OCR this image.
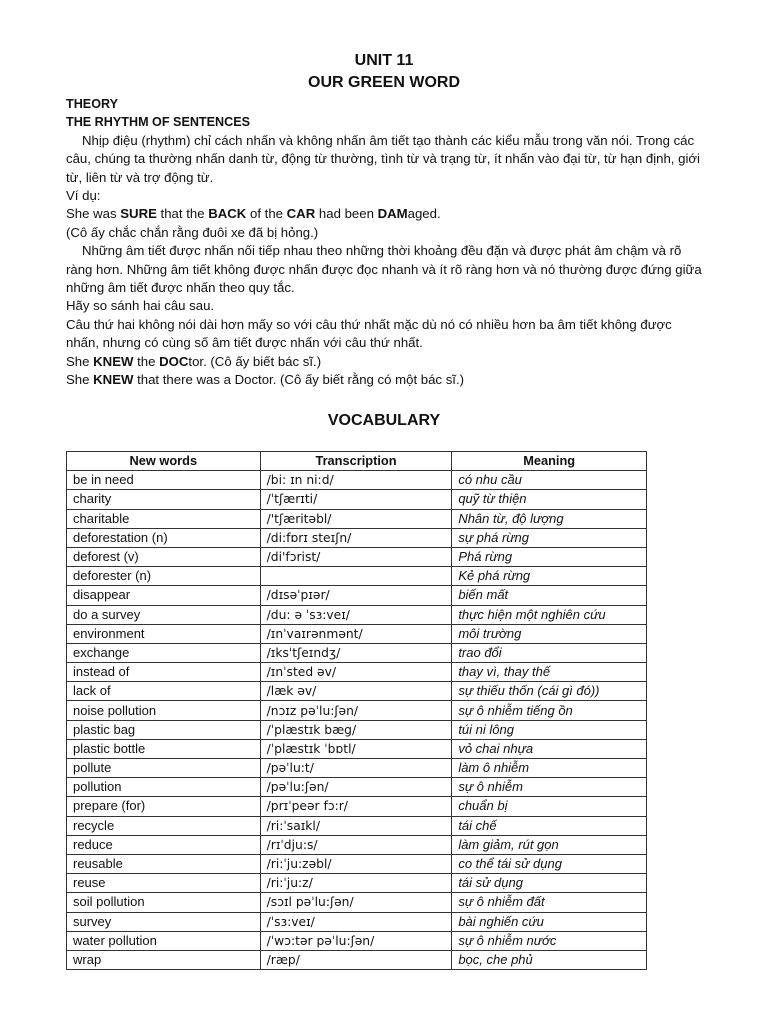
UNIT 11
OUR GREEN WORD

THEORY

THE RHYTHM OF SENTENCES

Nhịp điệu (rhythm) chỉ cách nhấn và không nhấn âm tiết tạo thành các kiểu mẫu trong văn nói. Trong các câu, chúng ta thường nhấn danh từ, động từ thường, tình từ và trạng từ, ít nhấn vào đại từ, từ hạn định, giới từ, liên từ và trợ động từ.

Ví dụ:

She was SURE that the BACK of the CAR had been DAMaged.

(Cô ấy chắc chắn rằng đuôi xe đã bị hỏng.)

Những âm tiết được nhấn nối tiếp nhau theo những thời khoảng đều đặn và được phát âm chậm và rõ ràng hơn. Những âm tiết không được nhấn được đọc nhanh và ít rõ ràng hơn và nó thường được đứng giữa những âm tiết được nhấn theo quy tắc.

Hãy so sánh hai câu sau.

Câu thứ hai không nói dài hơn mấy so với câu thứ nhất mặc dù nó có nhiều hơn ba âm tiết không được nhấn, nhưng có cùng số âm tiết được nhấn với câu thứ nhất.

She KNEW the DOCtor. (Cô ấy biết bác sĩ.)

She KNEW that there was a Doctor. (Cô ấy biết rằng có một bác sĩ.)

VOCABULARY
New words	Transcription	Meaning
be in need	/bi: ɪn ni:d/	có nhu cầu
charity	/ˈtʃærɪti/	quỹ từ thiện
charitable	/'tʃæritəbl/	Nhân từ, độ lượng
deforestation (n)	/di:fɒrɪ steɪʃn/	sự phá rừng
deforest (v)	/di'fɔrist/	Phá rừng
deforester (n)		Kẻ phá rừng
disappear	/dɪsəˈpɪər/	biến mất
do a survey	/du: ə ˈsɜ:veɪ/	thực hiện một nghiên cứu
environment	/ɪnˈvaɪrənmənt/	môi trường
exchange	/ɪksˈtʃeɪndʒ/	trao đổi
instead of	/ɪnˈsted əv/	thay vì, thay thế
lack of	/læk əv/	sự thiếu thốn (cái gì đó))
noise pollution	/nɔɪz pəˈlu:ʃən/	sự ô nhiễm tiếng ồn
plastic bag	/ˈplæstɪk bæg/	túi ni lông
plastic bottle	/ˈplæstɪk ˈbɒtl/	vỏ chai nhựa
pollute	/pəˈlu:t/	làm ô nhiễm
pollution	/pəˈlu:ʃən/	sự ô nhiễm
prepare (for)	/prɪˈpeər fɔ:r/	chuẩn bị
recycle	/ri:ˈsaɪkl/	tái chế
reduce	/rɪˈdju:s/	làm giảm, rút gọn
reusable	/ri:ˈju:zəbl/	co thể tái sử dụng
reuse	/ri:ˈju:z/	tái sử dụng
soil pollution	/sɔɪl pəˈlu:ʃən/	sự ô nhiễm đất
survey	/ˈsɜ:veɪ/	bài nghiến cứu
water pollution	/ˈwɔ:tər pəˈlu:ʃən/	sự ô nhiễm nước
wrap	/ræp/	bọc, che phủ
